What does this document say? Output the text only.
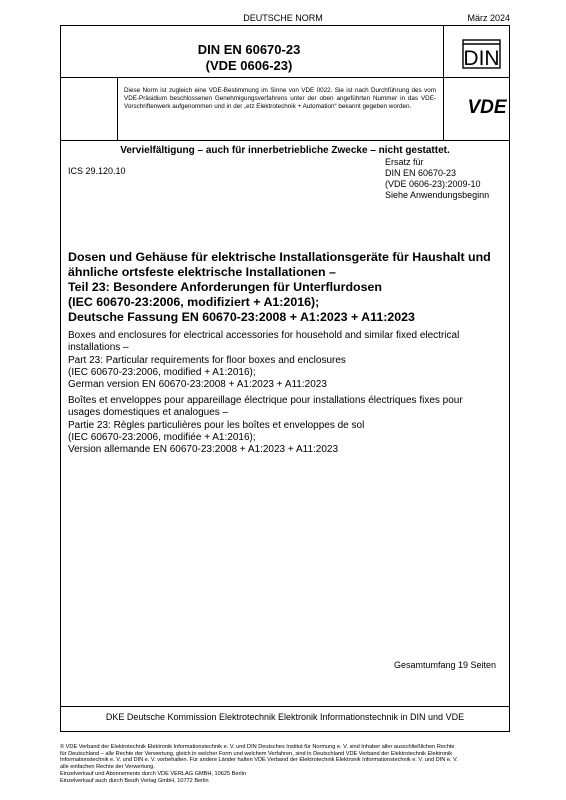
DEUTSCHE NORM	März 2024
DIN EN 60670-23
(VDE 0606-23)	DIN
Diese Norm ist zugleich eine VDE-Bestimmung im Sinne von VDE 0022. Sie ist nach Durchführung des vom VDE-Präsidium beschlossenen Genehmigungsverfahrens unter der oben angeführten Nummer in das VDE-Vorschriftenwerk aufgenommen und in der „etz Elektrotechnik + Automation“ bekannt gegeben worden.	VDE
Vervielfältigung – auch für innerbetriebliche Zwecke – nicht gestattet.
ICS 29.120.10
Ersatz für
DIN EN 60670-23
(VDE 0606-23):2009-10
Siehe Anwendungsbeginn
Dosen und Gehäuse für elektrische Installationsgeräte für Haushalt und
ähnliche ortsfeste elektrische Installationen –
Teil 23: Besondere Anforderungen für Unterflurdosen
(IEC 60670-23:2006, modifiziert + A1:2016);
Deutsche Fassung EN 60670-23:2008 + A1:2023 + A11:2023
Boxes and enclosures for electrical accessories for household and similar fixed electrical
installations –
Part 23: Particular requirements for floor boxes and enclosures
(IEC 60670-23:2006, modified + A1:2016);
German version EN 60670-23:2008 + A1:2023 + A11:2023
Boîtes et enveloppes pour appareillage électrique pour installations électriques fixes pour
usages domestiques et analogues –
Partie 23: Règles particulières pour les boîtes et enveloppes de sol
(IEC 60670-23:2006, modifiée + A1:2016);
Version allemande EN 60670-23:2008 + A1:2023 + A11:2023
Gesamtumfang 19 Seiten
DKE Deutsche Kommission Elektrotechnik Elektronik Informationstechnik in DIN und VDE
© VDE Verband der Elektrotechnik Elektronik Informationstechnik e. V. und DIN Deutsches Institut für Normung e. V. sind Inhaber aller ausschließlichen Rechte
für Deutschland – alle Rechte der Verwertung, gleich in welcher Form und welchem Verfahren, sind in Deutschland VDE Verband der Elektrotechnik Elektronik
Informationstechnik e. V. und DIN e. V. vorbehalten. Für andere Länder halten VDE Verband der Elektrotechnik Elektronik Informationstechnik e. V. und DIN e. V.
alle einfachen Rechte der Verwertung.
Einzelverkauf und Abonnements durch VDE VERLAG GMBH, 10625 Berlin
Einzelverkauf auch durch Beuth Verlag GmbH, 10772 Berlin
